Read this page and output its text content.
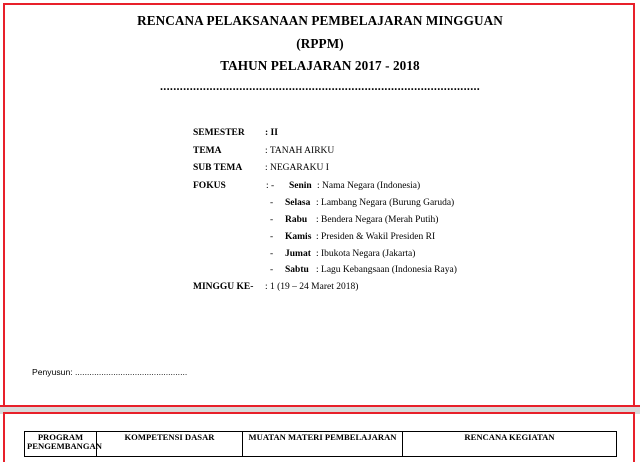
RENCANA PELAKSANAAN PEMBELAJARAN MINGGUAN
(RPPM)
TAHUN PELAJARAN 2017 - 2018
.................................................................................................
SEMESTER : II
TEMA	: TANAH AIRKU
SUB TEMA : NEGARAKU I
FOKUS	: - Senin : Nama Negara (Indonesia)
- Selasa : Lambang Negara (Burung Garuda)
- Rabu : Bendera Negara (Merah Putih)
- Kamis : Presiden & Wakil Presiden RI
- Jumat : Ibukota Negara (Jakarta)
- Sabtu : Lagu Kebangsaan (Indonesia Raya)
MINGGU KE- : 1 (19 – 24 Maret 2018)
Penyusun: ...............................................
PROGRAM PENGEMBANGAN	KOMPETENSI DASAR	MUATAN MATERI PEMBELAJARAN	RENCANA KEGIATAN
